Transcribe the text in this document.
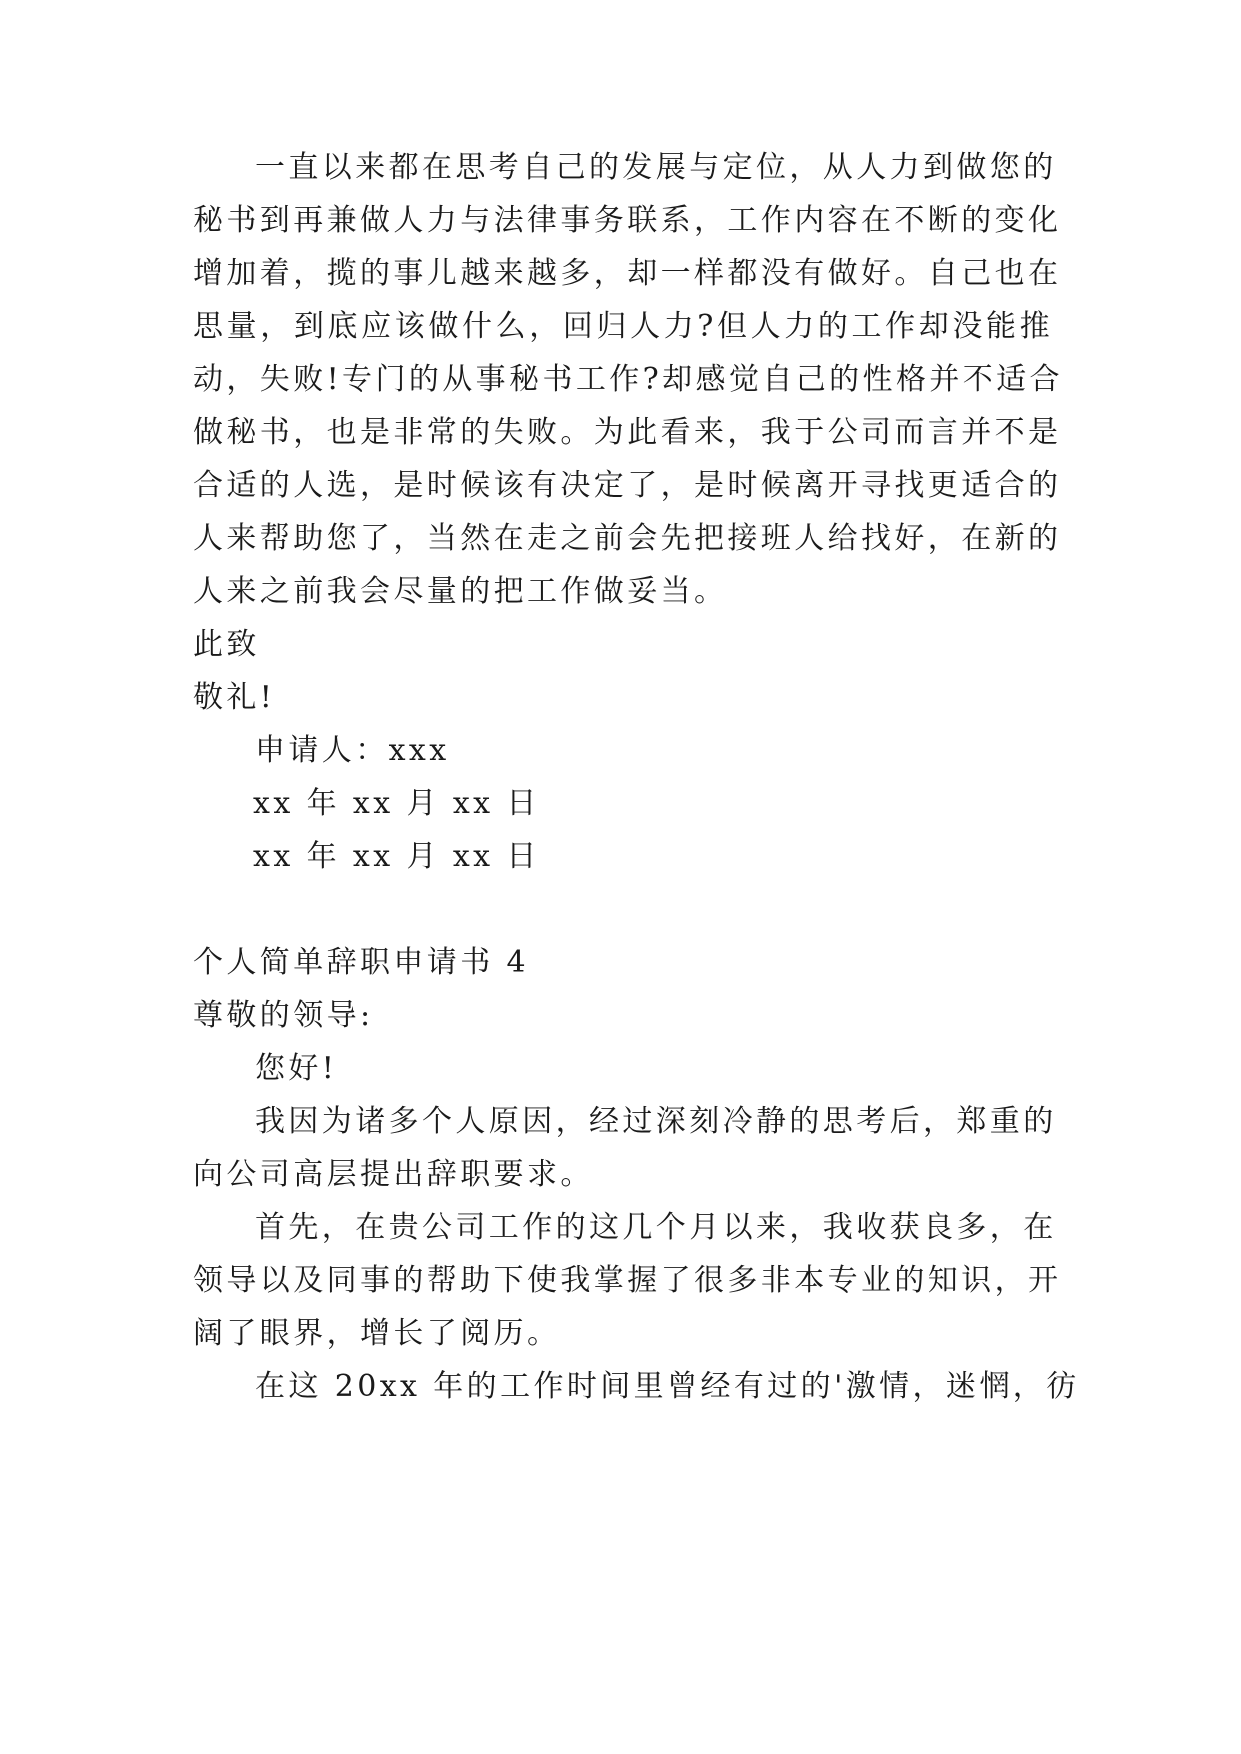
一直以来都在思考自己的发展与定位，从人力到做您的
秘书到再兼做人力与法律事务联系，工作内容在不断的变化
增加着，揽的事儿越来越多，却一样都没有做好。自己也在
思量，到底应该做什么，回归人力?但人力的工作却没能推
动，失败!专门的从事秘书工作?却感觉自己的性格并不适合
做秘书，也是非常的失败。为此看来，我于公司而言并不是
合适的人选，是时候该有决定了，是时候离开寻找更适合的
人来帮助您了，当然在走之前会先把接班人给找好，在新的
人来之前我会尽量的把工作做妥当。
此致
敬礼!
申请人：xxx
xx 年 xx 月 xx 日
xx 年 xx 月 xx 日
个人简单辞职申请书 4
尊敬的领导:
您好!
我因为诸多个人原因，经过深刻冷静的思考后，郑重的
向公司高层提出辞职要求。
首先，在贵公司工作的这几个月以来，我收获良多，在
领导以及同事的帮助下使我掌握了很多非本专业的知识，开
阔了眼界，增长了阅历。
在这 20xx 年的工作时间里曾经有过的'激情，迷惘，彷
